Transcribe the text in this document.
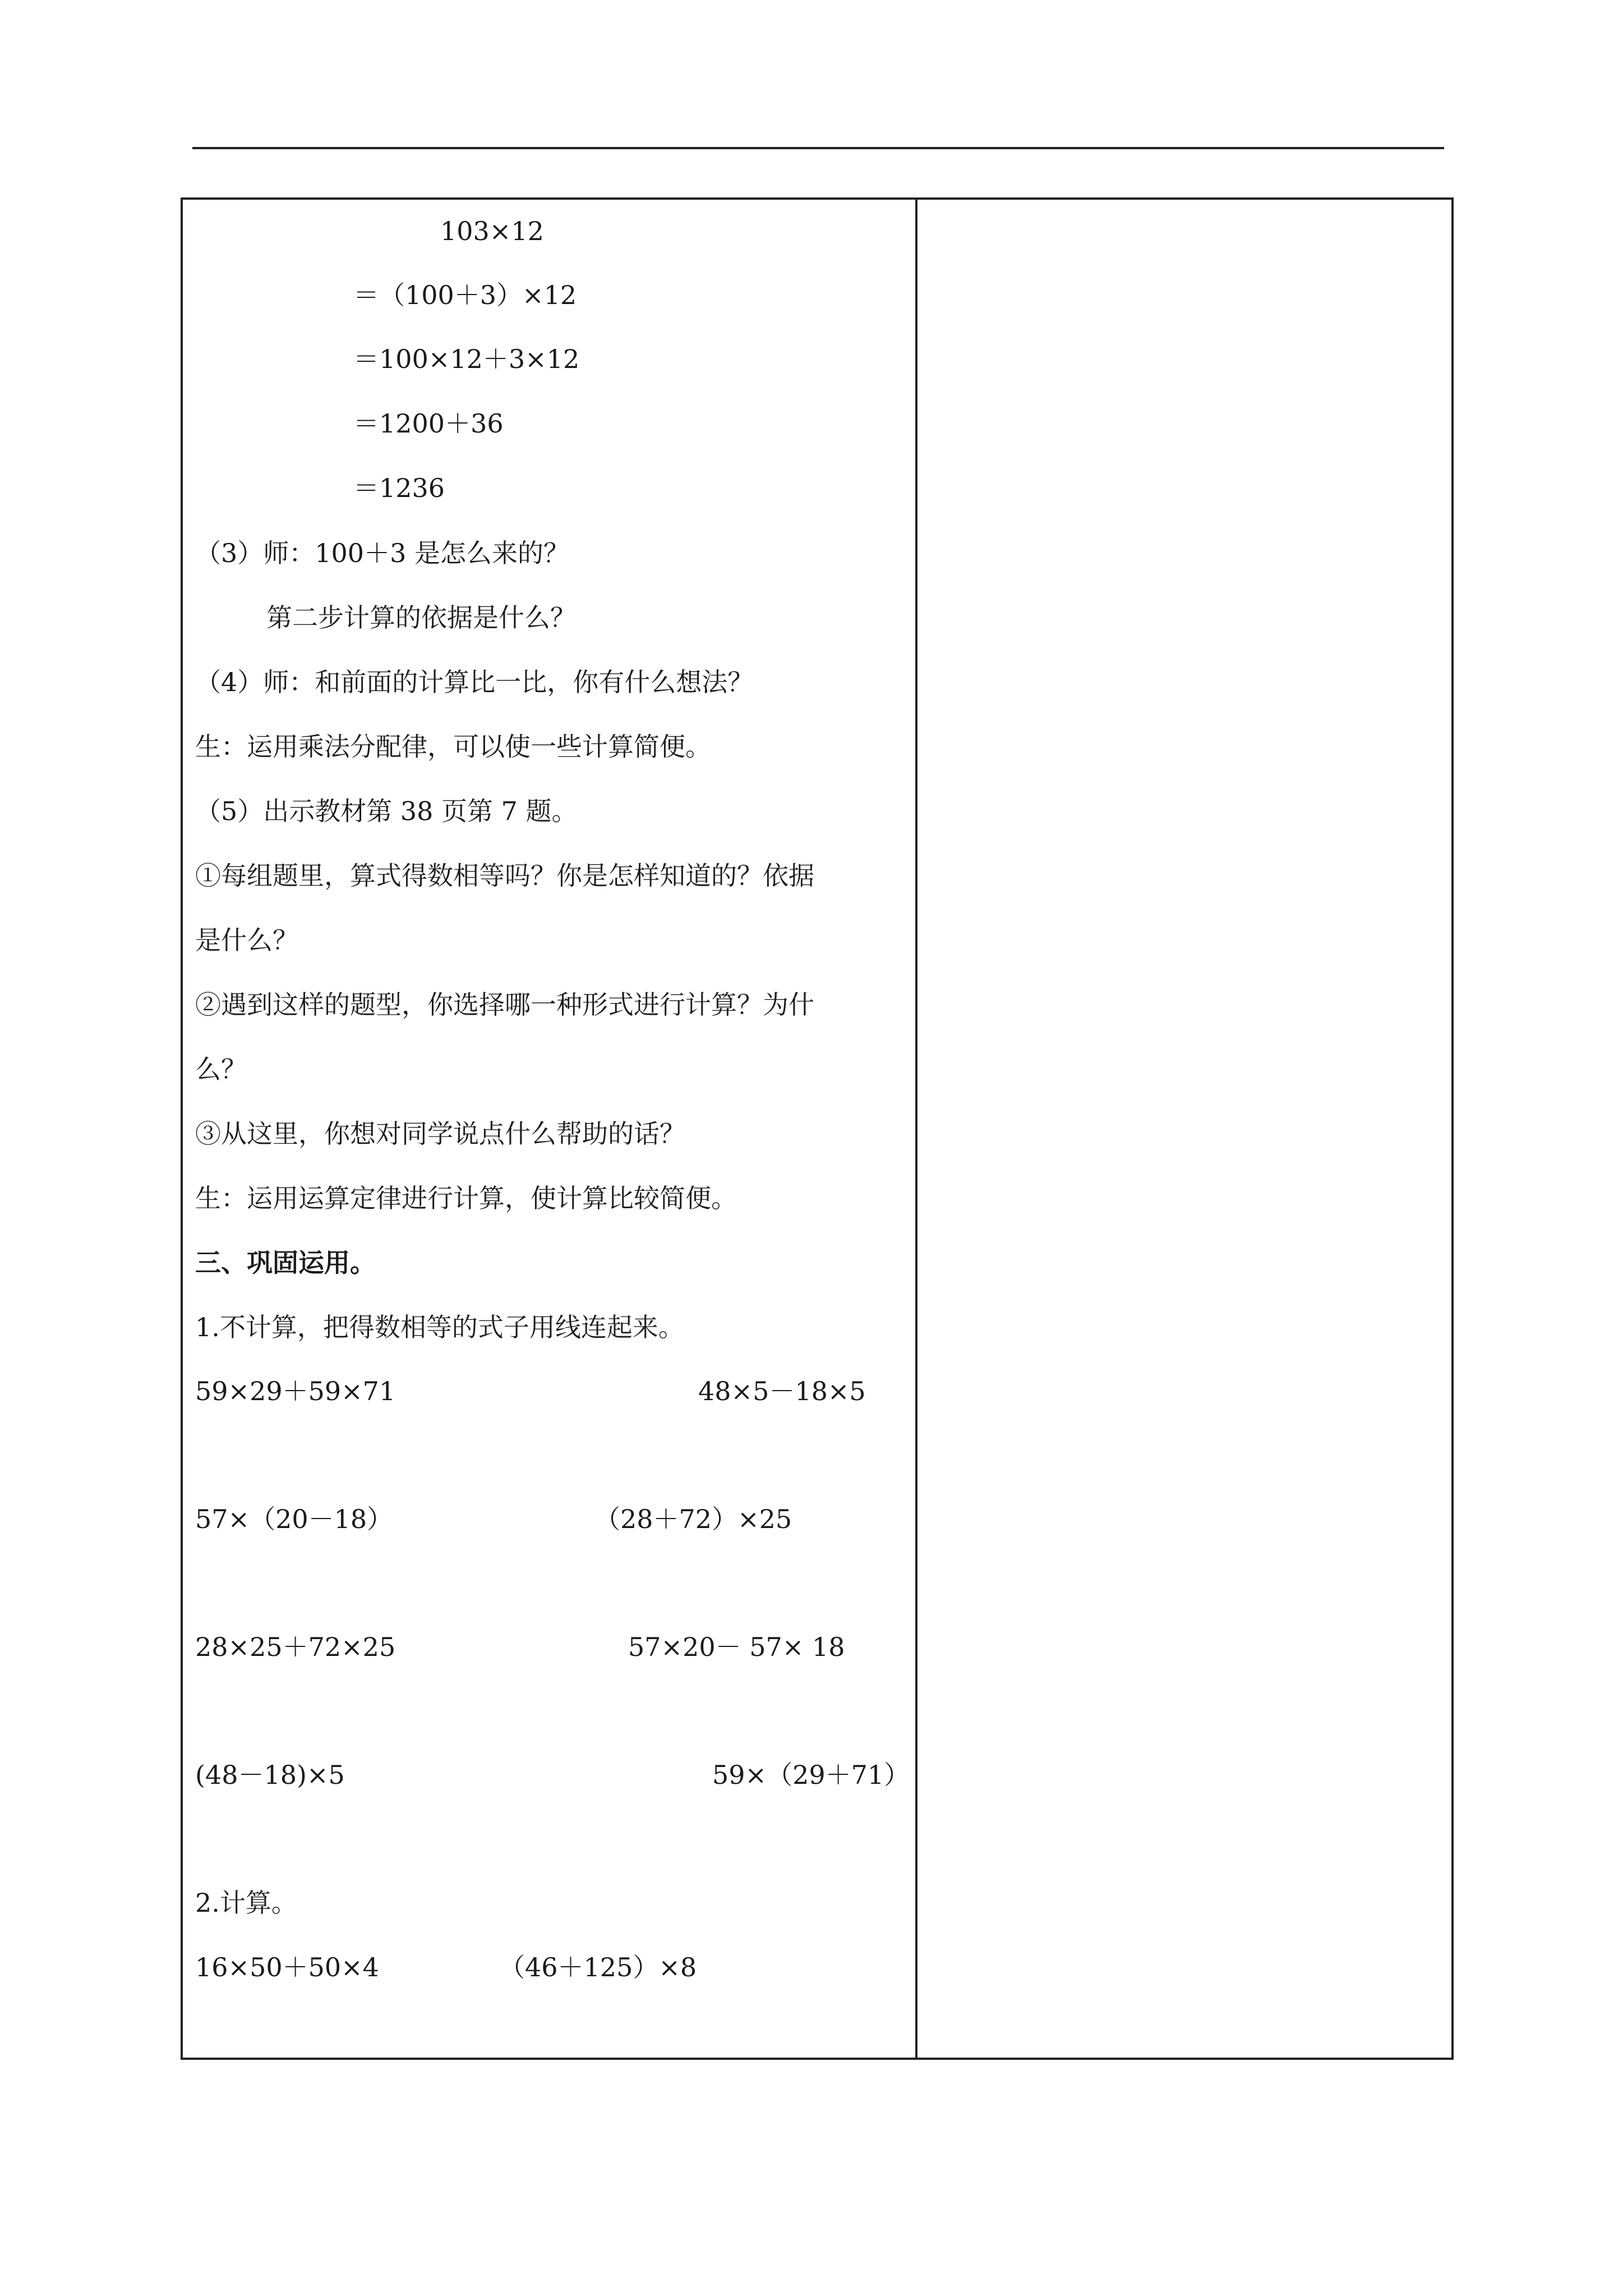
103×12
＝（100＋3）×12
＝100×12＋3×12
＝1200＋36
＝1236
（3）师：100＋3 是怎么来的？
第二步计算的依据是什么？
（4）师：和前面的计算比一比，你有什么想法？
生：运用乘法分配律，可以使一些计算简便。
（5）出示教材第 38 页第 7 题。
①每组题里，算式得数相等吗？你是怎样知道的？依据
是什么？
②遇到这样的题型，你选择哪一种形式进行计算？为什
么？
③从这里，你想对同学说点什么帮助的话？
生：运用运算定律进行计算，使计算比较简便。
三、巩固运用。
1.不计算，把得数相等的式子用线连起来。
59×29＋59×71	48×5－18×5
57×（20－18）	（28＋72）×25
28×25＋72×25	57×20－ 57× 18
(48－18)×5	59×（29＋71）
2.计算。
16×50＋50×4	（46＋125）×8
